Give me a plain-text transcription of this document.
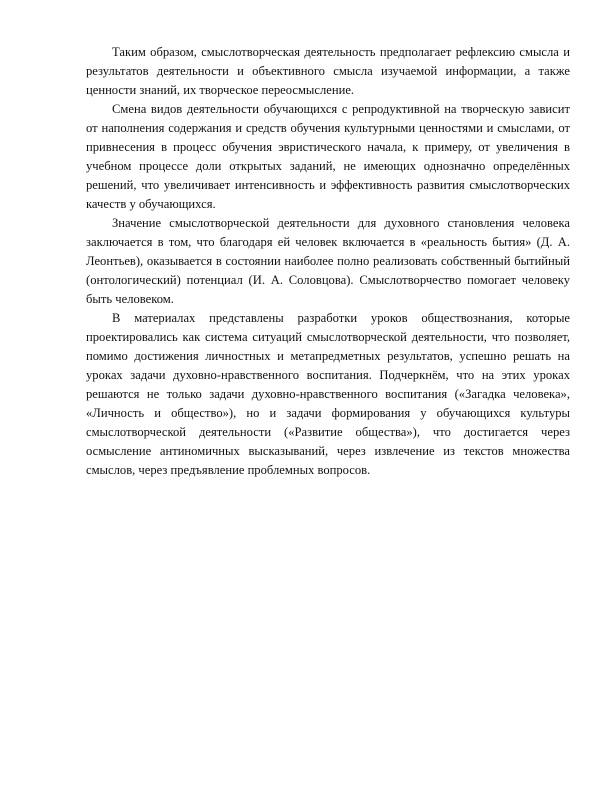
Таким образом, смыслотворческая деятельность предполагает рефлексию смысла и результатов деятельности и объективного смысла изучаемой информации, а также ценности знаний, их творческое переосмысление.

Смена видов деятельности обучающихся с репродуктивной на творческую зависит от наполнения содержания и средств обучения культурными ценностями и смыслами, от привнесения в процесс обучения эвристического начала, к примеру, от увеличения в учебном процессе доли открытых заданий, не имеющих однозначно определённых решений, что увеличивает интенсивность и эффективность развития смыслотворческих качеств у обучающихся.

Значение смыслотворческой деятельности для духовного становления человека заключается в том, что благодаря ей человек включается в «реальность бытия» (Д. А. Леонтьев), оказывается в состоянии наиболее полно реализовать собственный бытийный (онтологический) потенциал (И. А. Соловцова). Смыслотворчество помогает человеку быть человеком.

В материалах представлены разработки уроков обществознания, которые проектировались как система ситуаций смыслотворческой деятельности, что позволяет, помимо достижения личностных и метапредметных результатов, успешно решать на уроках задачи духовно-нравственного воспитания. Подчеркнём, что на этих уроках решаются не только задачи духовно-нравственного воспитания («Загадка человека», «Личность и общество»), но и задачи формирования у обучающихся культуры смыслотворческой деятельности («Развитие общества»), что достигается через осмысление антиномичных высказываний, через извлечение из текстов множества смыслов, через предъявление проблемных вопросов.
